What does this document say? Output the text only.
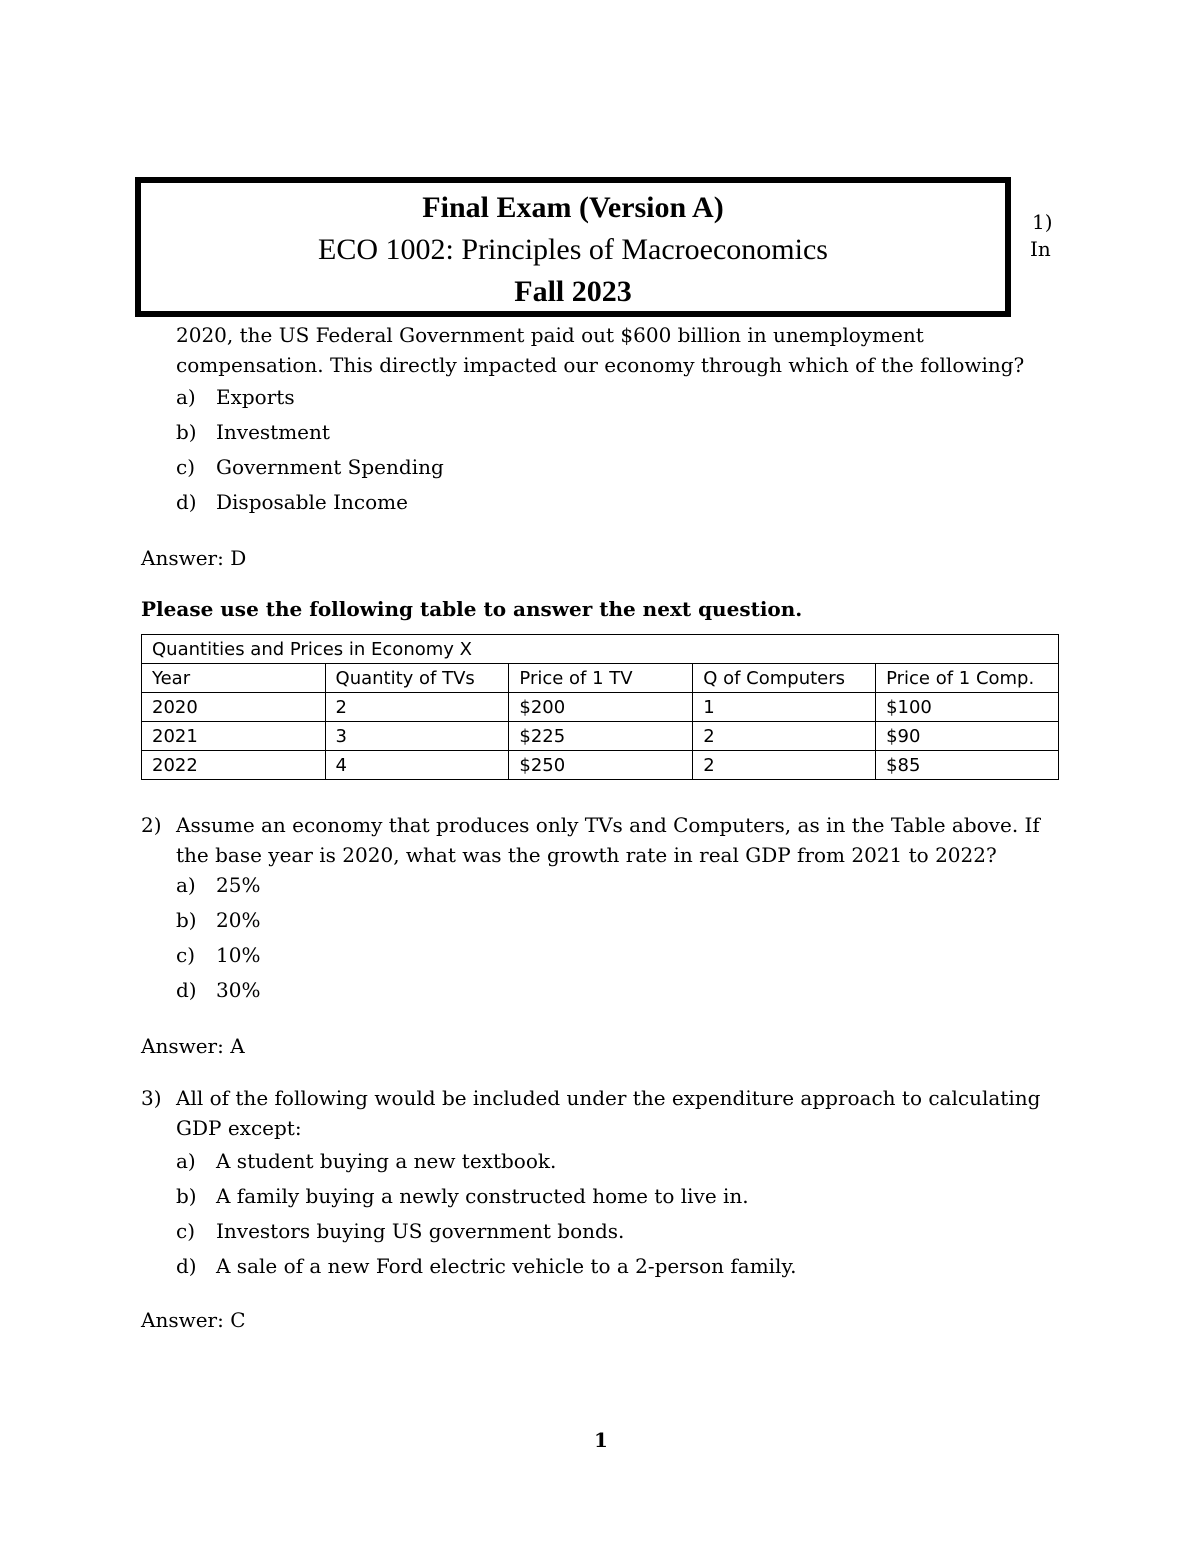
Final Exam (Version A)
ECO 1002: Principles of Macroeconomics
Fall 2023
1)
In
2020, the US Federal Government paid out $600 billion in unemployment
compensation. This directly impacted our economy through which of the following?
a) Exports
b) Investment
c) Government Spending
d) Disposable Income
Answer: D
Please use the following table to answer the next question.
Quantities and Prices in Economy X				
Year	Quantity of TVs	Price of 1 TV	Q of Computers	Price of 1 Comp.
2020	2	$200	1	$100
2021	3	$225	2	$90
2022	4	$250	2	$85
2) Assume an economy that produces only TVs and Computers, as in the Table above. If
the base year is 2020, what was the growth rate in real GDP from 2021 to 2022?
a) 25%
b) 20%
c) 10%
d) 30%
Answer: A
3) All of the following would be included under the expenditure approach to calculating
GDP except:
a) A student buying a new textbook.
b) A family buying a newly constructed home to live in.
c) Investors buying US government bonds.
d) A sale of a new Ford electric vehicle to a 2-person family.
Answer: C
1
